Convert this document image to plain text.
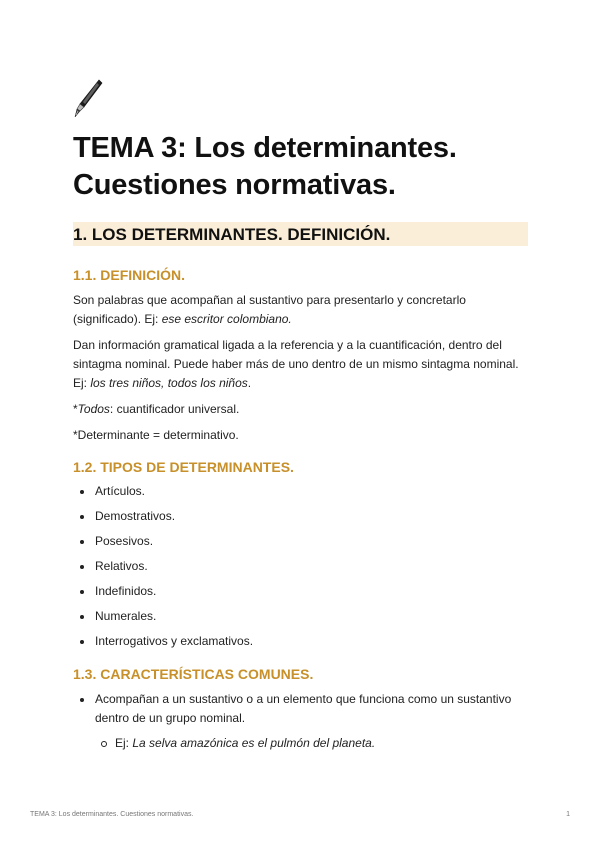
TEMA 3: Los determinantes.
Cuestiones normativas.
1. LOS DETERMINANTES. DEFINICIÓN.
1.1. DEFINICIÓN.

Son palabras que acompañan al sustantivo para presentarlo y concretarlo (significado). Ej: ese escritor colombiano.

Dan información gramatical ligada a la referencia y a la cuantificación, dentro del sintagma nominal. Puede haber más de uno dentro de un mismo sintagma nominal. Ej: los tres niños, todos los niños.

*Todos: cuantificador universal.

*Determinante = determinativo.

1.2. TIPOS DE DETERMINANTES.
Artículos.
Demostrativos.
Posesivos.
Relativos.
Indefinidos.
Numerales.
Interrogativos y exclamativos.
1.3. CARACTERÍSTICAS COMUNES.
Acompañan a un sustantivo o a un elemento que funciona como un sustantivo dentro de un grupo nominal.
Ej: La selva amazónica es el pulmón del planeta.
TEMA 3: Los determinantes. Cuestiones normativas.	1
